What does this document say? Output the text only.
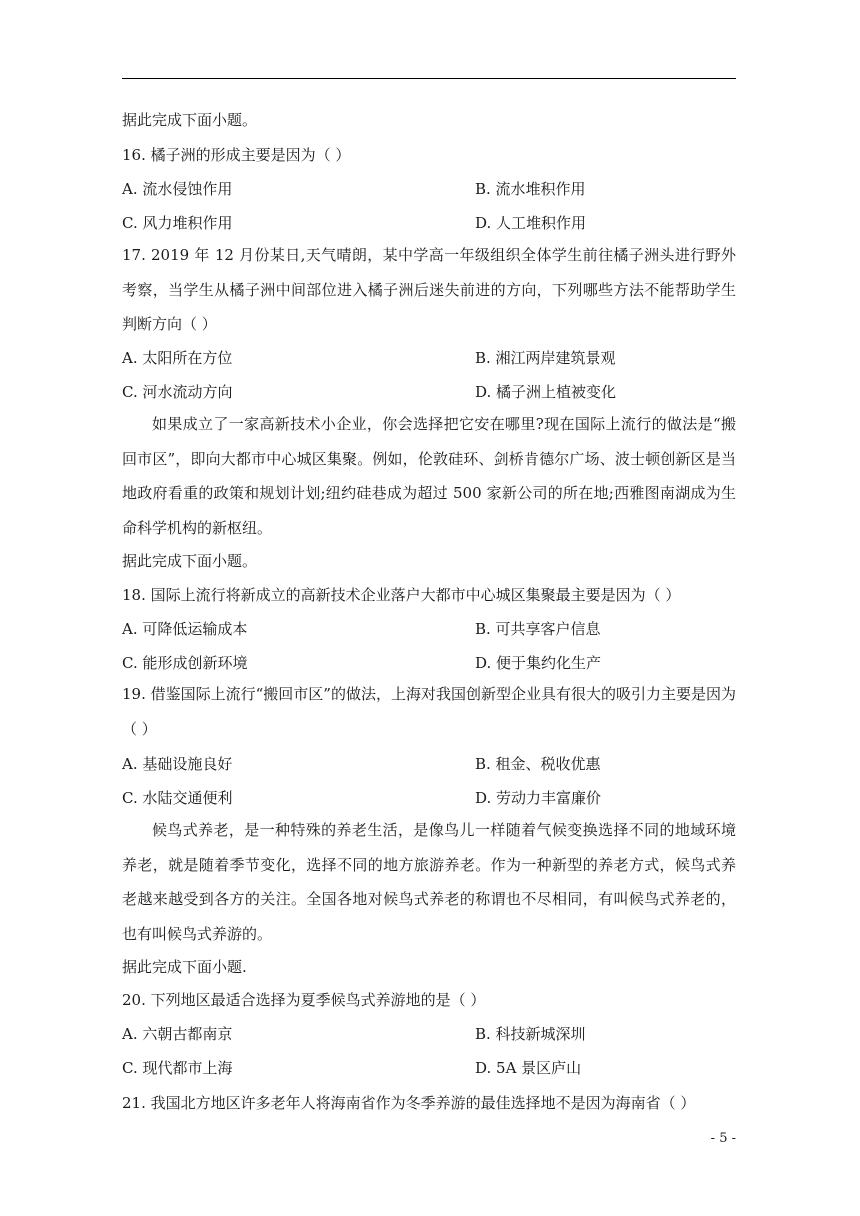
据此完成下面小题。
16. 橘子洲的形成主要是因为（ ）
A. 流水侵蚀作用	B. 流水堆积作用
C. 风力堆积作用	D. 人工堆积作用
17. 2019 年 12 月份某日,天气晴朗，某中学高一年级组织全体学生前往橘子洲头进行野外考察，当学生从橘子洲中间部位进入橘子洲后迷失前进的方向，下列哪些方法不能帮助学生判断方向（ ）
A. 太阳所在方位	B. 湘江两岸建筑景观
C. 河水流动方向	D. 橘子洲上植被变化
如果成立了一家高新技术小企业，你会选择把它安在哪里?现在国际上流行的做法是“搬回市区”，即向大都市中心城区集聚。例如，伦敦硅环、剑桥肯德尔广场、波士顿创新区是当地政府看重的政策和规划计划;纽约硅巷成为超过 500 家新公司的所在地;西雅图南湖成为生命科学机构的新枢纽。
据此完成下面小题。
18. 国际上流行将新成立的高新技术企业落户大都市中心城区集聚最主要是因为（ ）
A. 可降低运输成本	B. 可共享客户信息
C. 能形成创新环境	D. 便于集约化生产
19. 借鉴国际上流行“搬回市区”的做法，上海对我国创新型企业具有很大的吸引力主要是因为（ ）
A. 基础设施良好	B. 租金、税收优惠
C. 水陆交通便利	D. 劳动力丰富廉价
候鸟式养老，是一种特殊的养老生活，是像鸟儿一样随着气候变换选择不同的地域环境养老，就是随着季节变化，选择不同的地方旅游养老。作为一种新型的养老方式，候鸟式养老越来越受到各方的关注。全国各地对候鸟式养老的称谓也不尽相同，有叫候鸟式养老的，也有叫候鸟式养游的。
据此完成下面小题.
20. 下列地区最适合选择为夏季候鸟式养游地的是（ ）
A. 六朝古都南京	B. 科技新城深圳
C. 现代都市上海	D. 5A 景区庐山
21. 我国北方地区许多老年人将海南省作为冬季养游的最佳选择地不是因为海南省（ ）
- 5 -
